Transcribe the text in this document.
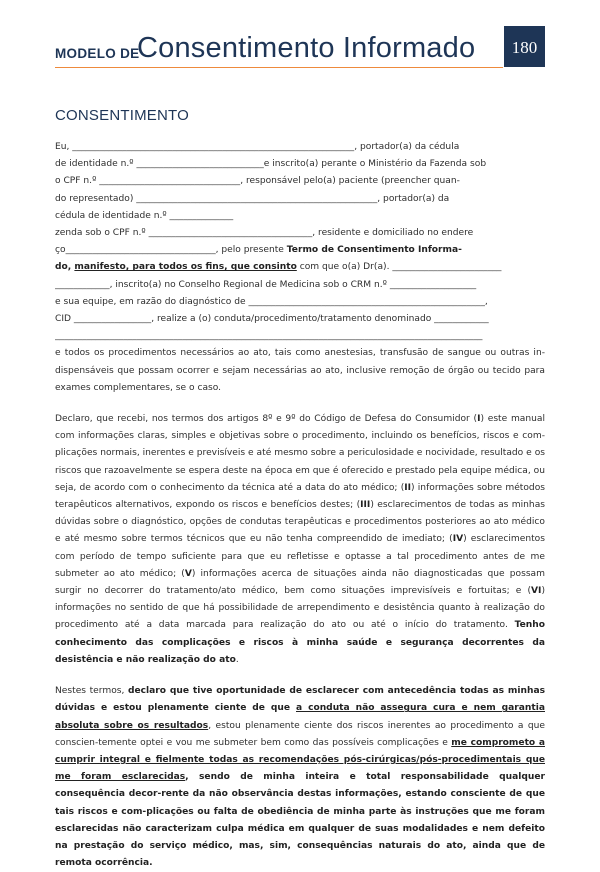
MODELO DE
Consentimento Informado	180
CONSENTIMENTO

Eu, ______________________________________________________________, portador(a) da cédula
de identidade n.º ____________________________e inscrito(a) perante o Ministério da Fazenda sob
o CPF n.º _______________________________, responsável pelo(a) paciente (preencher quan-
do representado) _____________________________________________________, portador(a) da
cédula de identidade n.º ______________
zenda sob o CPF n.º ____________________________________, residente e domiciliado no endere
ço_________________________________, pelo presente Termo de Consentimento Informa-
do, manifesto, para todos os fins, que consinto com que o(a) Dr(a). ________________________
____________, inscrito(a) no Conselho Regional de Medicina sob o CRM n.º ___________________
e sua equipe, em razão do diagnóstico de ____________________________________________________,
CID _________________, realize a (o) conduta/procedimento/tratamento denominado ____________
______________________________________________________________________________________________
e todos os procedimentos necessários ao ato, tais como anestesias, transfusão de sangue ou outras in-dispensáveis que possam ocorrer e sejam necessárias ao ato, inclusive remoção de órgão ou tecido para exames complementares, se o caso.

Declaro, que recebi, nos termos dos artigos 8º e 9º do Código de Defesa do Consumidor (I) este manual com informações claras, simples e objetivas sobre o procedimento, incluindo os benefícios, riscos e com-plicações normais, inerentes e previsíveis e até mesmo sobre a periculosidade e nocividade, resultado e os riscos que razoavelmente se espera deste na época em que é oferecido e prestado pela equipe médica, ou seja, de acordo com o conhecimento da técnica até a data do ato médico; (II) informações sobre métodos terapêuticos alternativos, expondo os riscos e benefícios destes; (III) esclarecimentos de todas as minhas dúvidas sobre o diagnóstico, opções de condutas terapêuticas e procedimentos posteriores ao ato médico e até mesmo sobre termos técnicos que eu não tenha compreendido de imediato; (IV) esclarecimentos com período de tempo suficiente para que eu refletisse e optasse a tal procedimento antes de me submeter ao ato médico; (V) informações acerca de situações ainda não diagnosticadas que possam surgir no decorrer do tratamento/ato médico, bem como situações imprevisíveis e fortuitas; e (VI) informações no sentido de que há possibilidade de arrependimento e desistência quanto à realização do procedimento até a data marcada para realização do ato ou até o início do tratamento. Tenho conhecimento das complicações e riscos à minha saúde e segurança decorrentes da desistência e não realização do ato.

Nestes termos, declaro que tive oportunidade de esclarecer com antecedência todas as minhas dúvidas e estou plenamente ciente de que a conduta não assegura cura e nem garantia absoluta sobre os resultados, estou plenamente ciente dos riscos inerentes ao procedimento a que conscien-temente optei e vou me submeter bem como das possíveis complicações e me comprometo a cumprir integral e fielmente todas as recomendações pós-cirúrgicas/pós-procedimentais que me foram esclarecidas, sendo de minha inteira e total responsabilidade qualquer consequência decor-rente da não observância destas informações, estando consciente de que tais riscos e com-plicações ou falta de obediência de minha parte às instruções que me foram esclarecidas não caracterizam culpa médica em qualquer de suas modalidades e nem defeito na prestação do serviço médico, mas, sim, consequências naturais do ato, ainda que de remota ocorrência.
